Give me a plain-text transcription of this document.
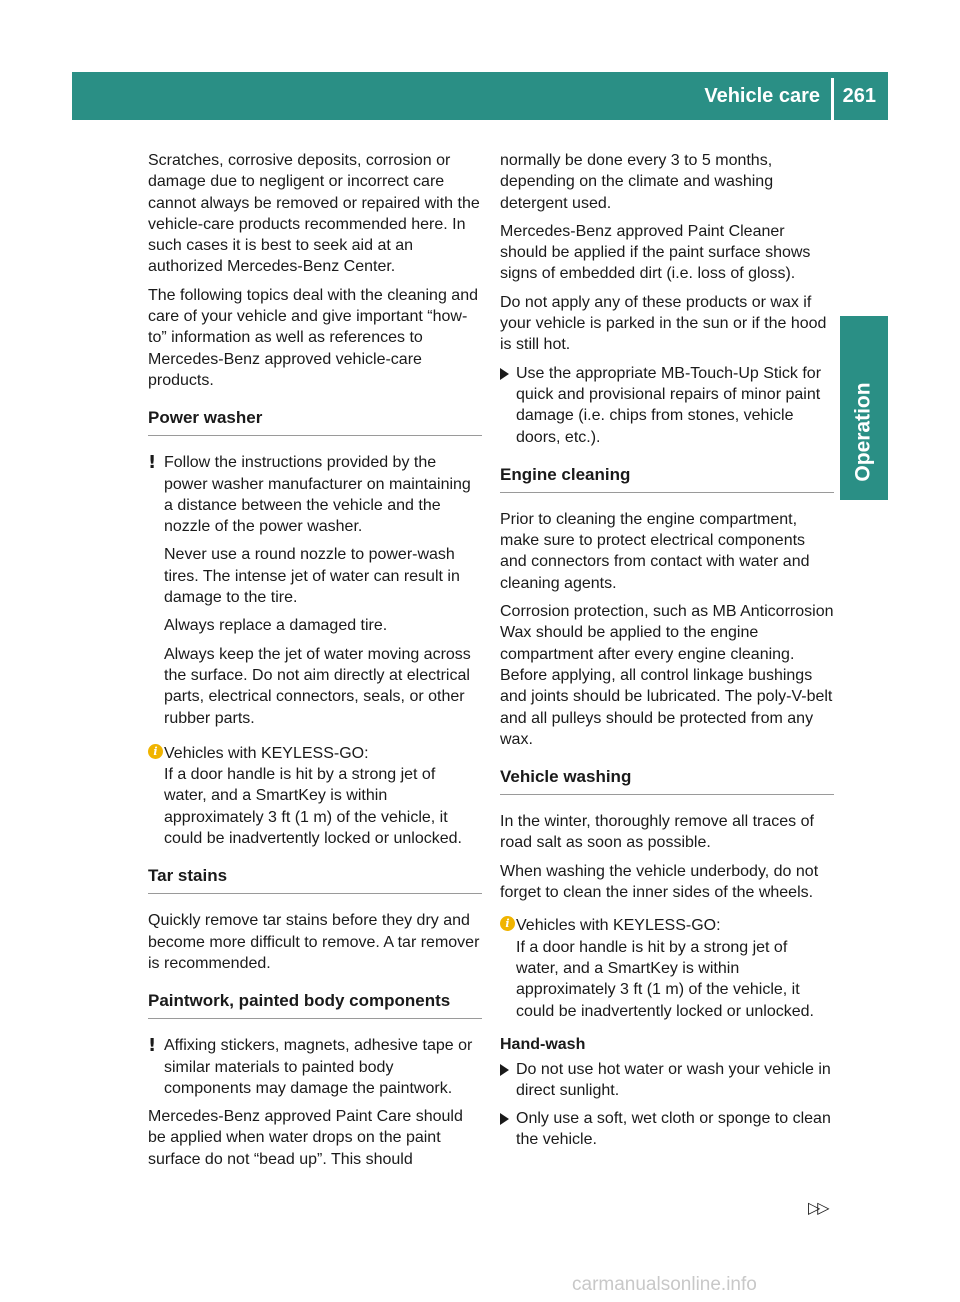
Vehicle care 261
Operation

Scratches, corrosive deposits, corrosion or damage due to negligent or incorrect care cannot always be removed or repaired with the vehicle-care products recommended here. In such cases it is best to seek aid at an authorized Mercedes-Benz Center.

The following topics deal with the cleaning and care of your vehicle and give important “how-to” information as well as references to Mercedes-Benz approved vehicle-care products.

Power washer
! Follow the instructions provided by the power washer manufacturer on maintaining a distance between the vehicle and the nozzle of the power washer.

Never use a round nozzle to power-wash tires. The intense jet of water can result in damage to the tire.

Always replace a damaged tire.

Always keep the jet of water moving across the surface. Do not aim directly at electrical parts, electrical connectors, seals, or other rubber parts.

i Vehicles with KEYLESS-GO:
If a door handle is hit by a strong jet of water, and a SmartKey is within approximately 3 ft (1 m) of the vehicle, it could be inadvertently locked or unlocked.
Tar stains

Quickly remove tar stains before they dry and become more difficult to remove. A tar remover is recommended.

Paintwork, painted body components
! Affixing stickers, magnets, adhesive tape or similar materials to painted body components may damage the paintwork.

Mercedes-Benz approved Paint Care should be applied when water drops on the paint surface do not “bead up”. This should

normally be done every 3 to 5 months, depending on the climate and washing detergent used.

Mercedes-Benz approved Paint Cleaner should be applied if the paint surface shows signs of embedded dirt (i.e. loss of gloss).

Do not apply any of these products or wax if your vehicle is parked in the sun or if the hood is still hot.

Use the appropriate MB-Touch-Up Stick for quick and provisional repairs of minor paint damage (i.e. chips from stones, vehicle doors, etc.).
Engine cleaning

Prior to cleaning the engine compartment, make sure to protect electrical components and connectors from contact with water and cleaning agents.

Corrosion protection, such as MB Anticorrosion Wax should be applied to the engine compartment after every engine cleaning. Before applying, all control linkage bushings and joints should be lubricated. The poly-V-belt and all pulleys should be protected from any wax.

Vehicle washing

In the winter, thoroughly remove all traces of road salt as soon as possible.

When washing the vehicle underbody, do not forget to clean the inner sides of the wheels.

i Vehicles with KEYLESS-GO:
If a door handle is hit by a strong jet of water, and a SmartKey is within approximately 3 ft (1 m) of the vehicle, it could be inadvertently locked or unlocked.
Hand-wash
Do not use hot water or wash your vehicle in direct sunlight.
Only use a soft, wet cloth or sponge to clean the vehicle.
▷▷
carmanualsonline.info
